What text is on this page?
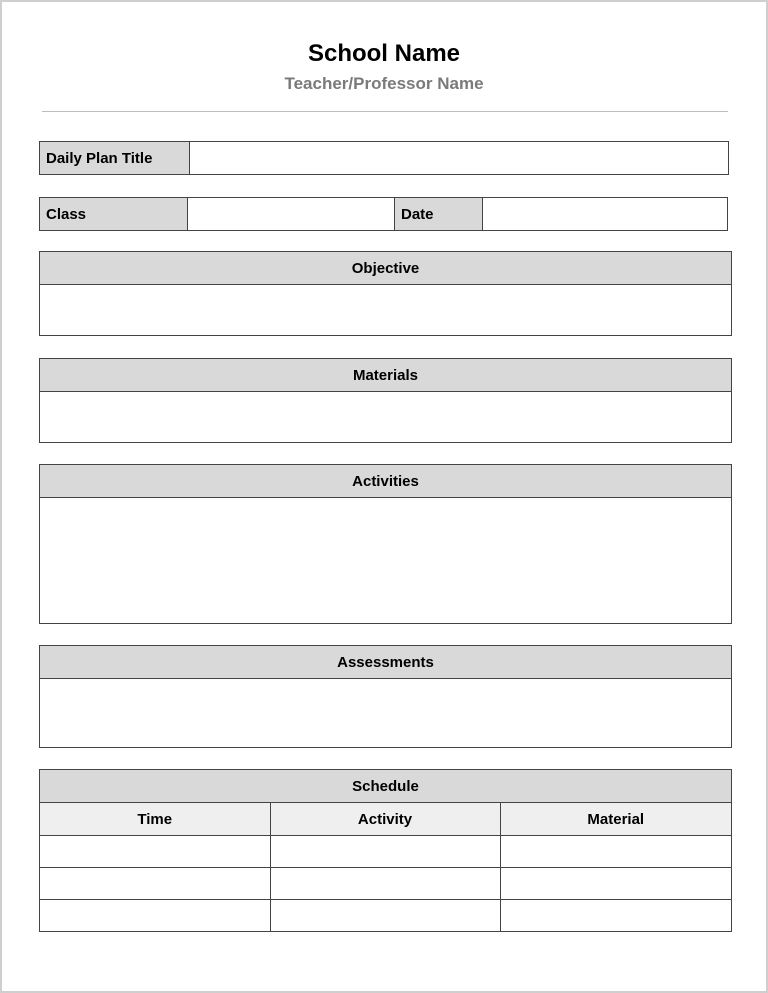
School Name
Teacher/Professor Name
Daily Plan Title
Class	Date
Objective
Materials
Activities
Assessments
Schedule
Time	Activity	Material
